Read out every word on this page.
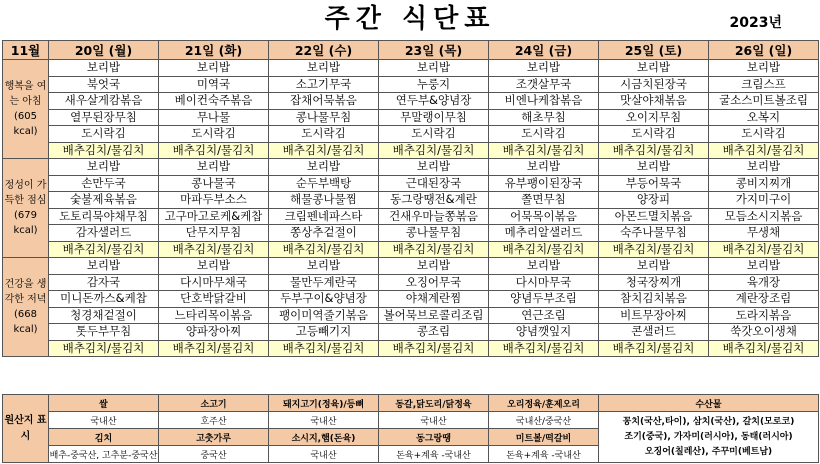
주간 식단표	2023년
11월	20일 (월)	21일 (화)	22일 (수)	23일 (목)	24일 (금)	25일 (토)	26일 (일)
행복을 여는 아침 (605 kcal)	보리밥	보리밥	보리밥	보리밥	보리밥	보리밥	보리밥
	북엇국	미역국	소고기무국	누룽지	조갯살무국	시금치된장국	크림스프
	새우살게캄볶음	베이컨숙주볶음	잡채어묵볶음	연두부&양념장	비엔나케찹볶음	맛살야채볶음	굴소스미트볼조림
	열무된장무침	무나물	콩나물무침	무말랭이무침	해초무침	오이지무침	오복지
	도시락김	도시락김	도시락김	도시락김	도시락김	도시락김	도시락김
	배추김치/물김치	배추김치/물김치	배추김치/물김치	배추김치/물김치	배추김치/물김치	배추김치/물김치	배추김치/물김치
정성이 가득한 점심 (679 kcal)	보리밥	보리밥	보리밥	보리밥	보리밥	보리밥	보리밥
	손만두국	콩나물국	순두부백탕	근대된장국	유부팽이된장국	부등어묵국	콩비지찌개
	숯불제육볶음	마파두부소스	해물콩나물찜	동그랑땡전&계란	쫄면무침	양장피	가지미구이
	도토리묵야채무침	고구마고로케&케찹	크림펜네파스타	건새우마늘쫑볶음	어묵목이볶음	아몬드멸치볶음	모듬소시지볶음
	감자샐러드	단무지무침	쫑상추겉절이	콩나물무침	메추리알샐러드	숙주나물무침	무생채
	배추김치/물김치	배추김치/물김치	배추김치/물김치	배추김치/물김치	배추김치/물김치	배추김치/물김치	배추김치/물김치
건강을 생각한 저녁 (668 kcal)	보리밥	보리밥	보리밥	보리밥	보리밥	보리밥	보리밥
	감자국	다시마무채국	물만두계란국	오징어무국	다시마무국	청국장찌개	육개장
	미니돈까스&케찹	단호박닭갈비	두부구이&양념장	야채계란찜	양념두부조림	참치김치볶음	계란장조림
	청경채겉절이	느타리목이볶음	팽이미역줄기볶음	볼어묵브로콜리조림	연근조림	비트무장아찌	도라지볶음
	톳두부무침	양파장아찌	고등빼기지	콩조림	양념깻잎지	콘샐러드	쑥갓오이생채
	배추김치/물김치	배추김치/물김치	배추김치/물김치	배추김치/물김치	배추김치/물김치	배추김치/물김치	배추김치/물김치
원산지 표시	쌀	소고기	돼지고기(정육)/등뼈	동갈,닭도리/닭정육	오리정육/훈제오리	수산물
	국내산	호주산	국내산	국내산	국내산/중국산	꽁치(국산,타이), 삼치(국산), 갈치(모로코)
조기(중국), 가자미(러시아), 동태(러시아)
오징어(칠레산), 주꾸미(베트남)

	김치	고춧가루	소시지,햄(돈육)	동그랑땡	미트볼/떡갈비	
	배추-중국산, 고추분-중국산	중국산	국내산	돈육+계육 -국내산	돈육+계육 -국내산	
